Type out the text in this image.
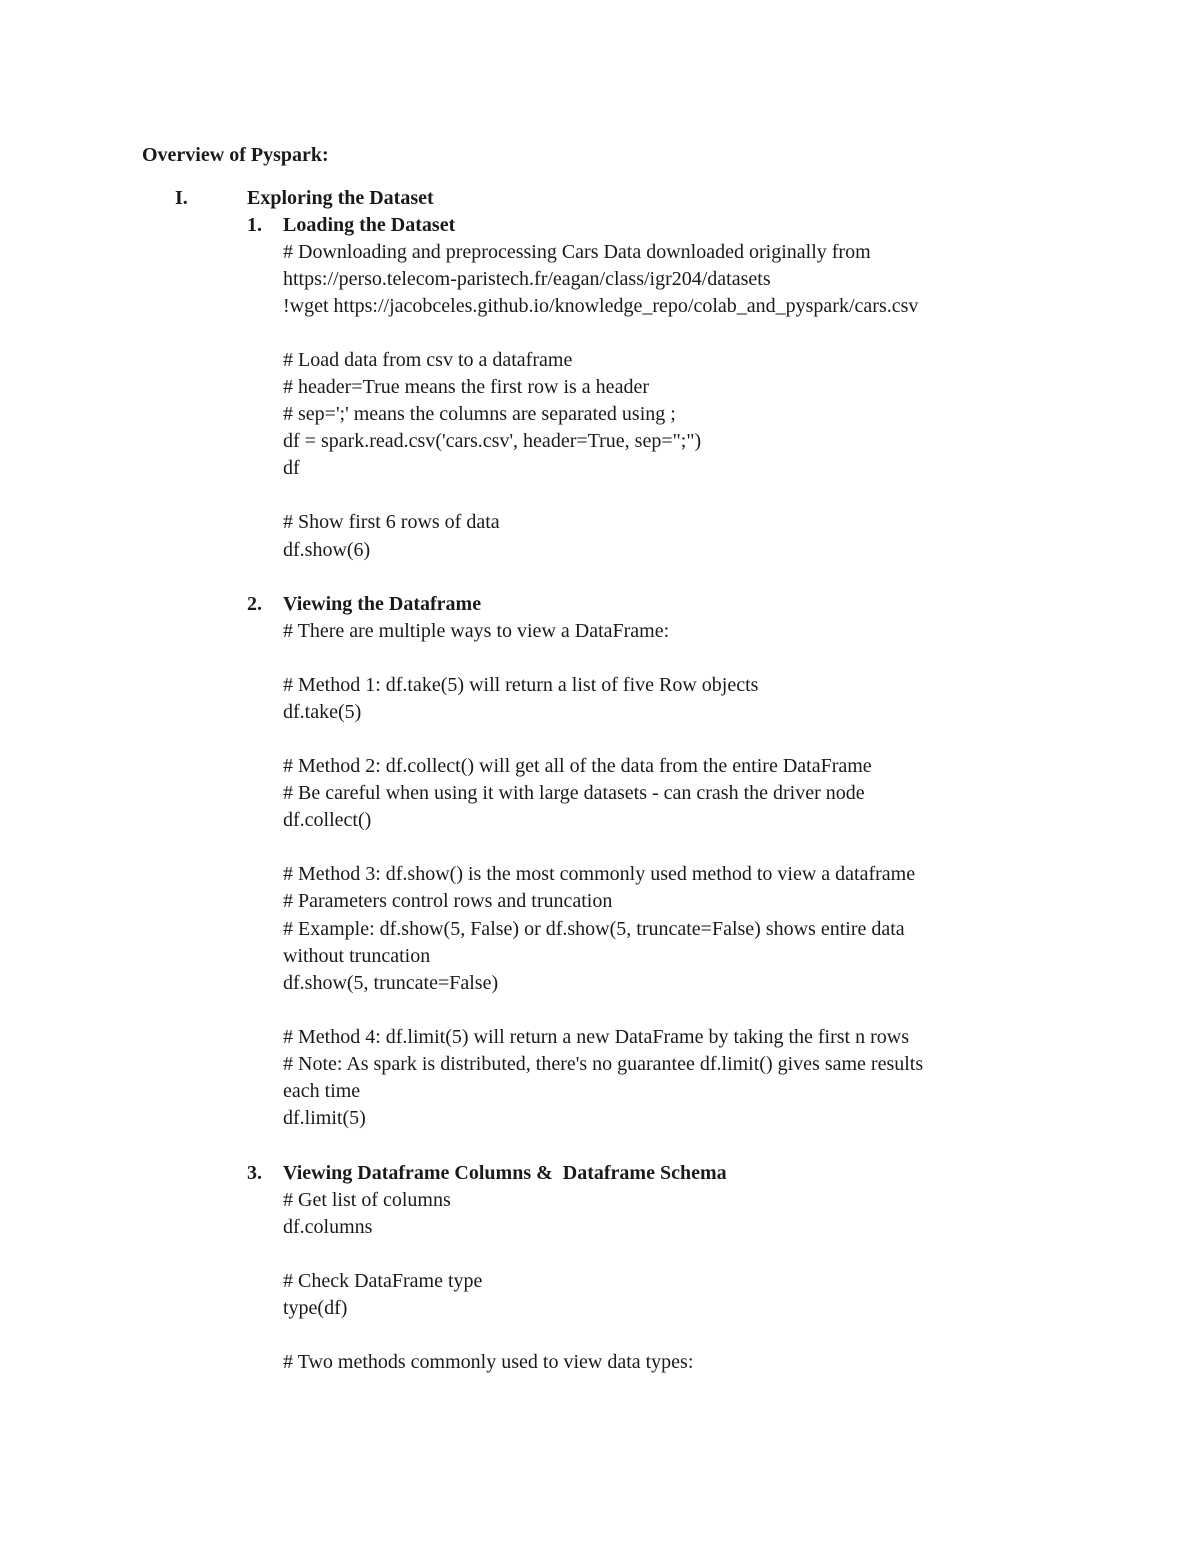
Overview of Pyspark:
I.	Exploring the Dataset
1.	Loading the Dataset
# Downloading and preprocessing Cars Data downloaded originally from
https://perso.telecom-paristech.fr/eagan/class/igr204/datasets
!wget https://jacobceles.github.io/knowledge_repo/colab_and_pyspark/cars.csv
# Load data from csv to a dataframe
# header=True means the first row is a header
# sep=';' means the columns are separated using ;
df = spark.read.csv('cars.csv', header=True, sep=";")
df
# Show first 6 rows of data
df.show(6)
2.	Viewing the Dataframe
# There are multiple ways to view a DataFrame:
# Method 1: df.take(5) will return a list of five Row objects
df.take(5)
# Method 2: df.collect() will get all of the data from the entire DataFrame
# Be careful when using it with large datasets - can crash the driver node
df.collect()
# Method 3: df.show() is the most commonly used method to view a dataframe
# Parameters control rows and truncation
# Example: df.show(5, False) or df.show(5, truncate=False) shows entire data
without truncation
df.show(5, truncate=False)
# Method 4: df.limit(5) will return a new DataFrame by taking the first n rows
# Note: As spark is distributed, there's no guarantee df.limit() gives same results
each time
df.limit(5)
3.	Viewing Dataframe Columns &  Dataframe Schema
# Get list of columns
df.columns
# Check DataFrame type
type(df)
# Two methods commonly used to view data types:
